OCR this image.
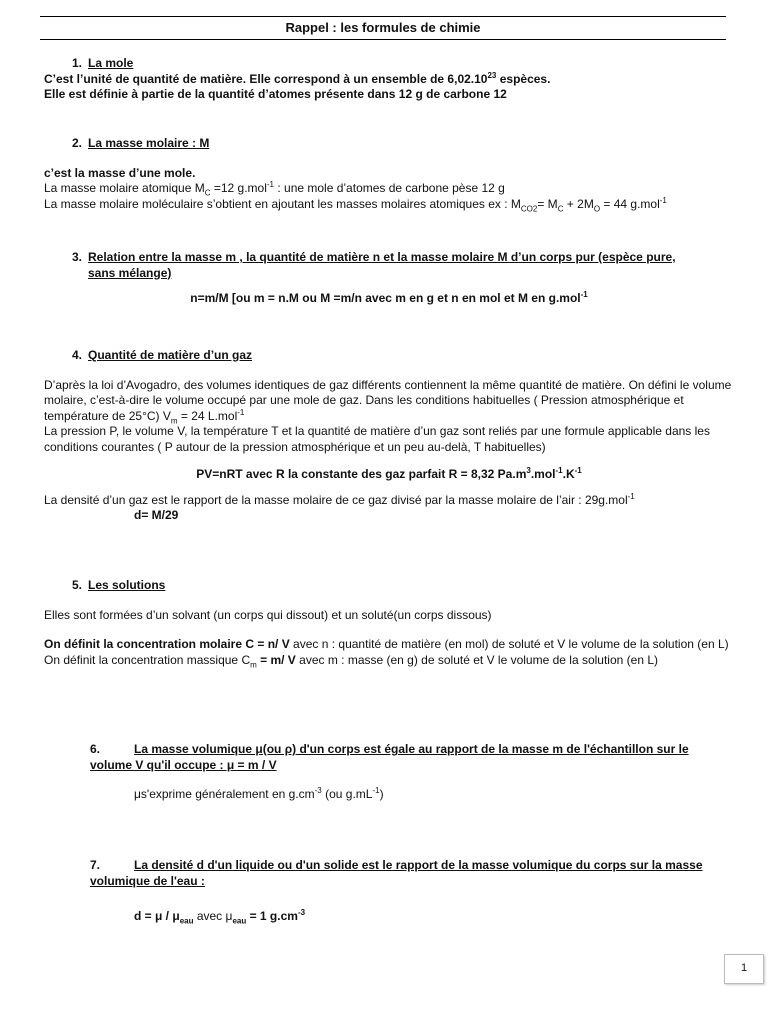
Rappel : les formules de chimie

1. La mole

C’est l’unité de quantité de matière. Elle correspond à un ensemble de 6,02.10$^{23}$ espèces.

Elle est définie à partie de la quantité d’atomes présente dans 12 g de carbone 12

2. La masse molaire : M

c’est la masse d’une mole.

La masse molaire atomique $M_C =12$ g.mol$^{-1}$ : une mole d’atomes de carbone pèse 12 g

La masse molaire moléculaire s’obtient en ajoutant les masses molaires atomiques ex : $M_{CO2}= M_C + 2M_O = 44$ g.mol$^{-1}$

3. Relation entre la masse m , la quantité de matière n et la masse molaire M d’un corps pur (espèce pure,

sans mélange)

n=m/M [ou m = n.M ou M =m/n avec m en g et n en mol et M en g.mol$^{-1}$

4. Quantité de matière d’un gaz

D’après la loi d’Avogadro, des volumes identiques de gaz différents contiennent la même quantité de matière. On défini le volume molaire, c’est-à-dire le volume occupé par une mole de gaz. Dans les conditions habituelles ( Pression atmosphérique et température de 25°C) $V_m = 24$ L.mol$^{-1}$

La pression P, le volume V, la température T et la quantité de matière d’un gaz sont reliés par une formule applicable dans les conditions courantes ( P autour de la pression atmosphérique et un peu au-delà, T habituelles)

PV=nRT avec R la constante des gaz parfait R = 8,32 $Pa.m^3.mol^{-1}.K^{-1}$

La densité d’un gaz est le rapport de la masse molaire de ce gaz divisé par la masse molaire de l’air : 29g.mol$^{-1}$

d= M/29

5. Les solutions

Elles sont formées d’un solvant (un corps qui dissout) et un soluté(un corps dissous)

On définit la concentration molaire C = n/ V avec n : quantité de matière (en mol) de soluté et V le volume de la solution (en L)

On définit la concentration massique $C_m = m/$ V avec m : masse (en g) de soluté et V le volume de la solution (en L)

6.	La masse volumique μ(ou ρ) d'un corps est égale au rapport de la masse m de l'échantillon sur le

volume V qu'il occupe : μ = m / V

μs'exprime généralement en $g.cm^{-3}$ (ou $g.mL^{-1}$)

7.	La densité d d'un liquide ou d'un solide est le rapport de la masse volumique du corps sur la masse

volumique de l'eau :

$d = \mu / \mu_{eau}$ avec $\mu_{eau} = 1$ $g.cm^{-3}$

1
